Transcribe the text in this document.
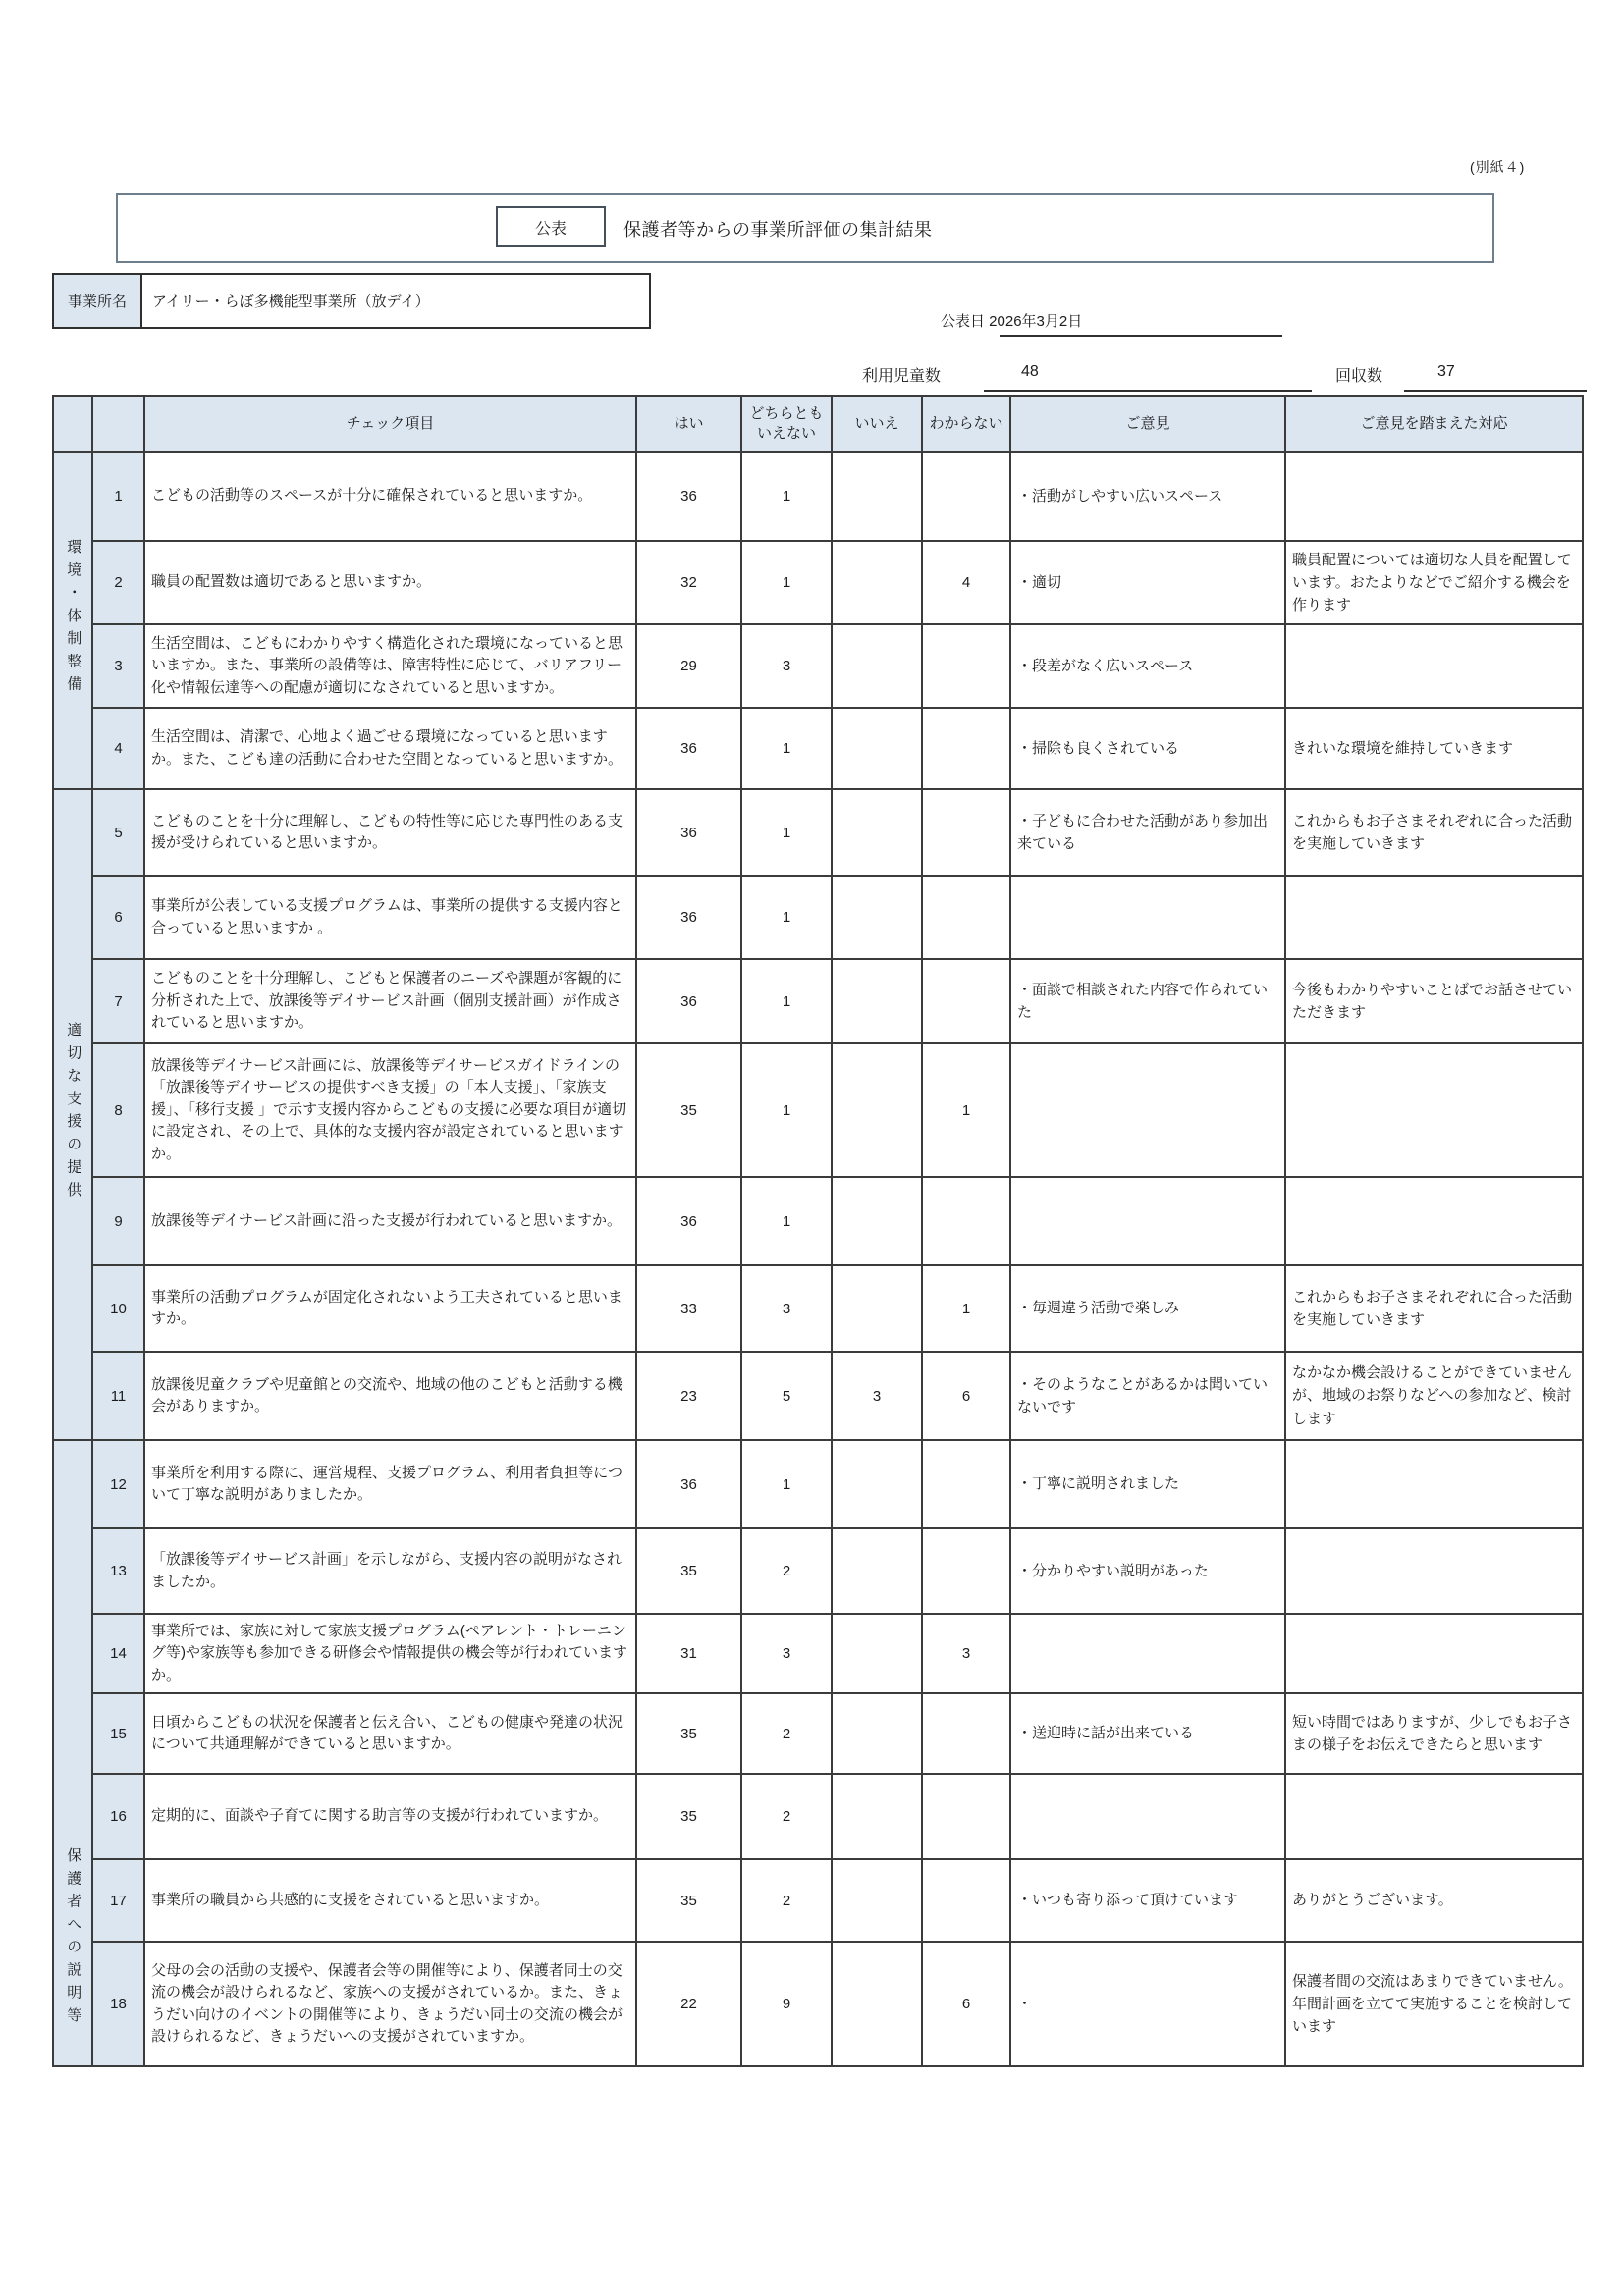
(別紙４)
公表	保護者等からの事業所評価の集計結果
事業所名	アイリー・らぼ多機能型事業所（放デイ）
公表日 2026年3月2日
利用児童数	48	回収数	37
		チェック項目	はい	どちらともいえない	いいえ	わからない	ご意見	ご意見を踏まえた対応
環境・体制整備	1	こどもの活動等のスペースが十分に確保されていると思いますか。	36	1			・活動がしやすい広いスペース	
	2	職員の配置数は適切であると思いますか。	32	1		4	・適切	職員配置については適切な人員を配置しています。おたよりなどでご紹介する機会を作ります
	3	生活空間は、こどもにわかりやすく構造化された環境になっていると思いますか。また、事業所の設備等は、障害特性に応じて、バリアフリー化や情報伝達等への配慮が適切になされていると思いますか。	29	3			・段差がなく広いスペース	
	4	生活空間は、清潔で、心地よく過ごせる環境になっていると思いますか。また、こども達の活動に合わせた空間となっていると思いますか。	36	1			・掃除も良くされている	きれいな環境を維持していきます
適切な支援の提供	5	こどものことを十分に理解し、こどもの特性等に応じた専門性のある支援が受けられていると思いますか。	36	1			・子どもに合わせた活動があり参加出来ている	これからもお子さまそれぞれに合った活動を実施していきます
	6	事業所が公表している支援プログラムは、事業所の提供する支援内容と合っていると思いますか 。	36	1				
	7	こどものことを十分理解し、こどもと保護者のニーズや課題が客観的に分析された上で、放課後等デイサービス計画（個別支援計画）が作成されていると思いますか。	36	1			・面談で相談された内容で作られていた	今後もわかりやすいことばでお話させていただきます
	8	放課後等デイサービス計画には、放課後等デイサービスガイドラインの「放課後等デイサービスの提供すべき支援」の「本人支援」、「家族支援」、「移行支援 」で示す支援内容からこどもの支援に必要な項目が適切に設定され、その上で、具体的な支援内容が設定されていると思いますか。	35	1		1		
	9	放課後等デイサービス計画に沿った支援が行われていると思いますか。	36	1				
	10	事業所の活動プログラムが固定化されないよう工夫されていると思いますか。	33	3		1	・毎週違う活動で楽しみ	これからもお子さまそれぞれに合った活動を実施していきます
	11	放課後児童クラブや児童館との交流や、地域の他のこどもと活動する機会がありますか。	23	5	3	6	・そのようなことがあるかは聞いていないです	なかなか機会設けることができていませんが、地域のお祭りなどへの参加など、検討します
保護者への説明等	12	事業所を利用する際に、運営規程、支援プログラム、利用者負担等について丁寧な説明がありましたか。	36	1			・丁寧に説明されました	
	13	「放課後等デイサービス計画」を示しながら、支援内容の説明がなされましたか。	35	2			・分かりやすい説明があった	
	14	事業所では、家族に対して家族支援プログラム(ペアレント・トレーニング等)や家族等も参加できる研修会や情報提供の機会等が行われていますか。	31	3		3		
	15	日頃からこどもの状況を保護者と伝え合い、こどもの健康や発達の状況について共通理解ができていると思いますか。	35	2			・送迎時に話が出来ている	短い時間ではありますが、少しでもお子さまの様子をお伝えできたらと思います
	16	定期的に、面談や子育てに関する助言等の支援が行われていますか。	35	2				
	17	事業所の職員から共感的に支援をされていると思いますか。	35	2			・いつも寄り添って頂けています	ありがとうございます。
	18	父母の会の活動の支援や、保護者会等の開催等により、保護者同士の交流の機会が設けられるなど、家族への支援がされているか。また、きょうだい向けのイベントの開催等により、きょうだい同士の交流の機会が設けられるなど、きょうだいへの支援がされていますか。	22	9		6	・	保護者間の交流はあまりできていません。年間計画を立てて実施することを検討しています
